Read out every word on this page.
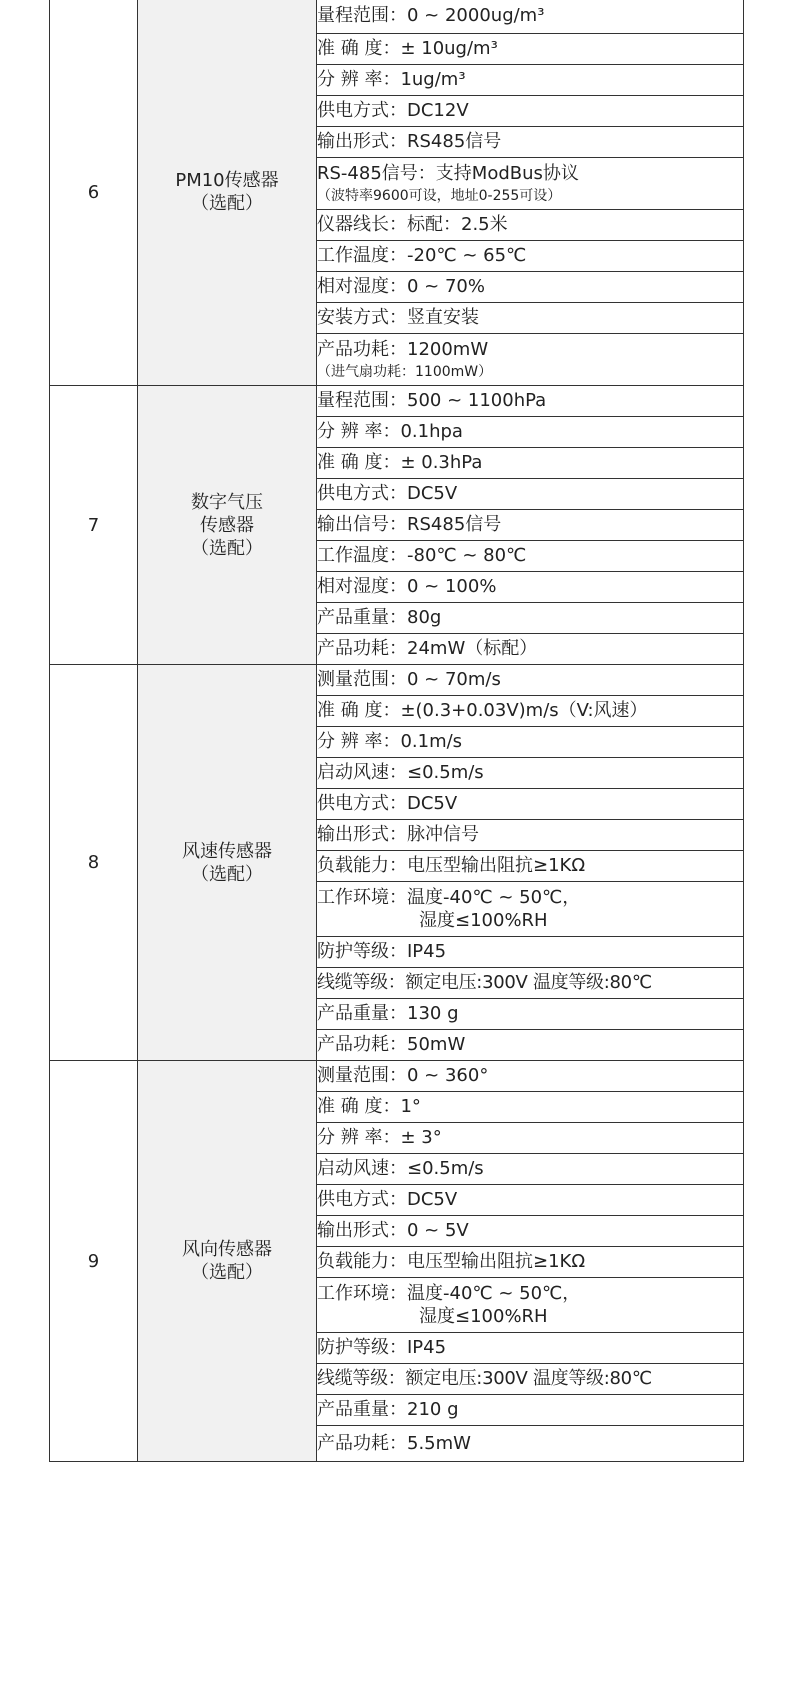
6	PM10传感器
（选配）	量程范围：0 ~ 2000ug/m³
		准 确 度：± 10ug/m³
		分 辨 率：1ug/m³
		供电方式：DC12V
		输出形式：RS485信号

		RS-485信号：支持ModBus协议
（波特率9600可设，地址0-255可设）

		仪器线长：标配：2.5米
		工作温度：-20℃ ~ 65℃
		相对湿度：0 ~ 70%
		安装方式：竖直安装

		产品功耗：1200mW
（进气扇功耗：1100mW）

7	数字气压
传感器
（选配）	量程范围：500 ~ 1100hPa
		分 辨 率：0.1hpa
		准 确 度：± 0.3hPa
		供电方式：DC5V
		输出信号：RS485信号
		工作温度：-80℃ ~ 80℃
		相对湿度：0 ~ 100%
		产品重量：80g
		产品功耗：24mW（标配）
8	风速传感器
（选配）	测量范围：0 ~ 70m/s
		准 确 度：±(0.3+0.03V)m/s（V:风速）
		分 辨 率：0.1m/s
		启动风速：≤0.5m/s
		供电方式：DC5V
		输出形式：脉冲信号
		负载能力：电压型输出阻抗≥1KΩ

		工作环境：温度-40℃ ~ 50℃，
湿度≤100%RH

		防护等级：IP45
		线缆等级：额定电压:300V 温度等级:80℃
		产品重量：130 g
		产品功耗：50mW
9	风向传感器
（选配）	测量范围：0 ~ 360°
		准 确 度：1°
		分 辨 率：± 3°
		启动风速：≤0.5m/s
		供电方式：DC5V
		输出形式：0 ~ 5V
		负载能力：电压型输出阻抗≥1KΩ

		工作环境：温度-40℃ ~ 50℃，
湿度≤100%RH

		防护等级：IP45
		线缆等级：额定电压:300V 温度等级:80℃
		产品重量：210 g
		产品功耗：5.5mW
